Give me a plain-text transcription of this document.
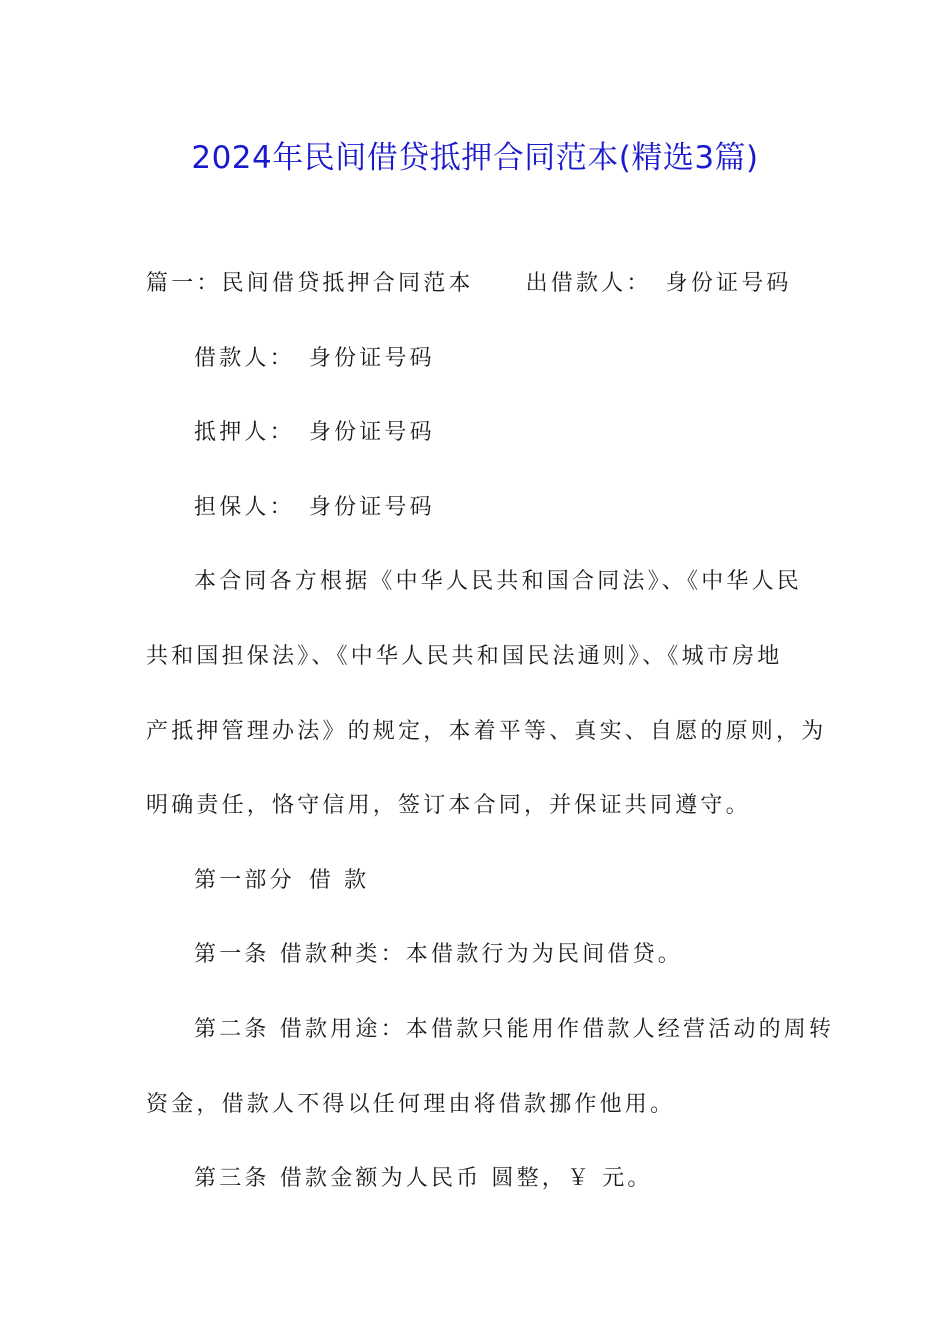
2024年民间借贷抵押合同范本(精选3篇)
篇一：民间借贷抵押合同范本 出借款人： 身份证号码
借款人： 身份证号码
抵押人： 身份证号码
担保人： 身份证号码
本合同各方根据《中华人民共和国合同法》、《中华人民
共和国担保法》、《中华人民共和国民法通则》、《城市房地
产抵押管理办法》的规定，本着平等、真实、自愿的原则，为
明确责任，恪守信用，签订本合同，并保证共同遵守。
第一部分 借 款
第一条 借款种类：本借款行为为民间借贷。
第二条 借款用途：本借款只能用作借款人经营活动的周转
资金，借款人不得以任何理由将借款挪作他用。
第三条 借款金额为人民币 圆整，￥ 元。
